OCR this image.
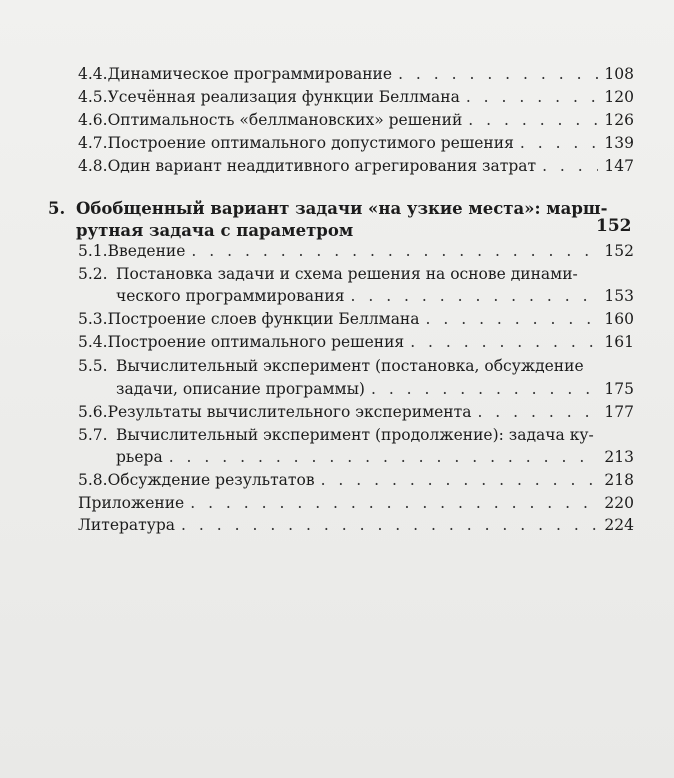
4.4. Динамическое программирование . . .	108
4.5. Усечённая реализация функции Беллмана . . .	120
4.6. Оптимальность «беллмановских» решений . . .	126
4.7. Построение оптимального допустимого решения . . .	139
4.8. Один вариант неаддитивного агрегирования затрат . . .	147
5. Обобщенный вариант задачи «на узкие места»: марш-
рутная задача с параметром	152
5.1. Введение . . .	152
5.2. Постановка задачи и схема решения на основе динами-
ческого программирования . . .	153
5.3. Построение слоев функции Беллмана . . .	160
5.4. Построение оптимального решения . . .	161
5.5. Вычислительный эксперимент (постановка, обсуждение
задачи, описание программы) . . .	175
5.6. Результаты вычислительного эксперимента . . .	177
5.7. Вычислительный эксперимент (продолжение): задача ку-
рьера . . .	213
5.8. Обсуждение результатов . . .	218
Приложение . . .	220
Литература . . .	224
